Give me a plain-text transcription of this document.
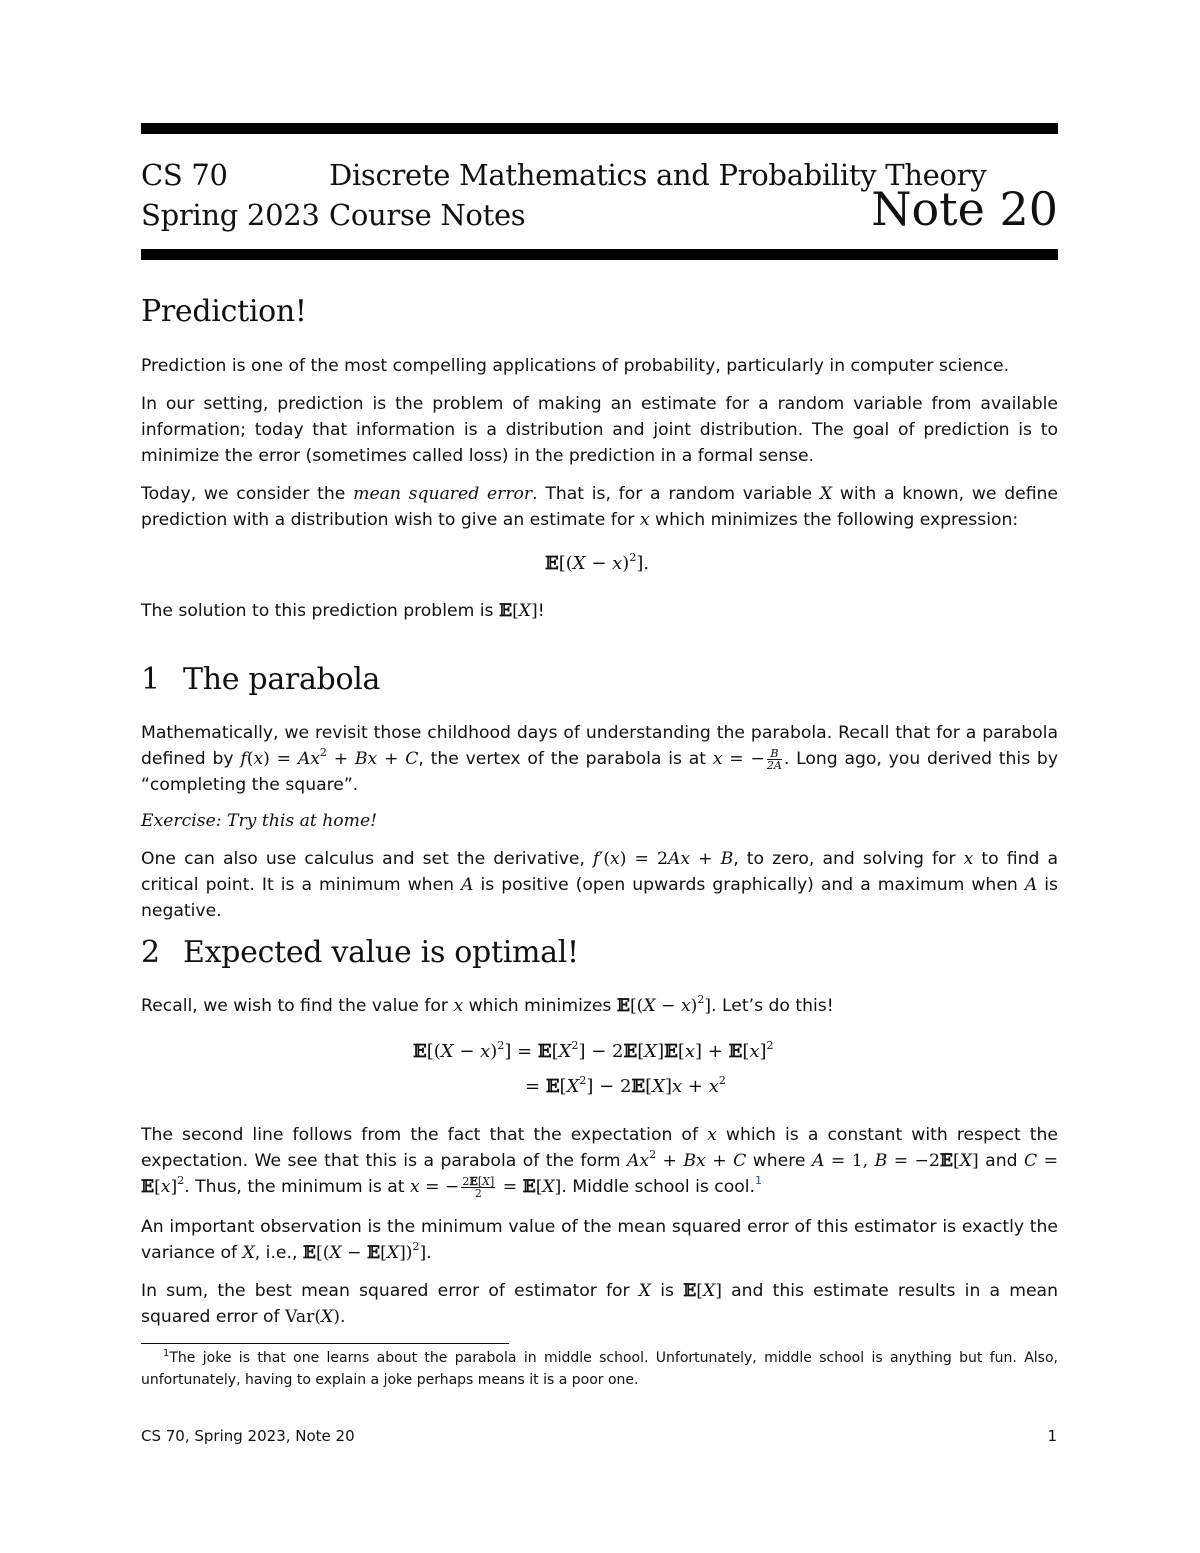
CS 70	Discrete Mathematics and Probability Theory
Spring 2023 Course Notes	Note 20
Prediction!
Prediction is one of the most compelling applications of probability, particularly in computer science.
In our setting, prediction is the problem of making an estimate for a random variable from available information; today that information is a distribution and joint distribution. The goal of prediction is to minimize the error (sometimes called loss) in the prediction in a formal sense.
Today, we consider the mean squared error. That is, for a random variable X with a known, we define prediction with a distribution wish to give an estimate for x which minimizes the following expression:
𝔼[(X − x)$^2$].
The solution to this prediction problem is 𝔼[X]!
1 The parabola
Mathematically, we revisit those childhood days of understanding the parabola. Recall that for a parabola defined by $f(x) = Ax^2 + Bx + C$, the vertex of the parabola is at x = − $\frac{B}{2A}$ . Long ago, you derived this by “completing the square”.
Exercise: Try this at home!
One can also use calculus and set the derivative, f′(x) = 2Ax + B, to zero, and solving for x to find a critical point. It is a minimum when A is positive (open upwards graphically) and a maximum when A is negative.
2 Expected value is optimal!
Recall, we wish to find the value for x which minimizes 𝔼[(X − x)$^2$]. Let’s do this!
𝔼[(X − $x)^2] = 𝔼[X^2]$ − 2𝔼[X]𝔼[x] + $𝔼[x]^2$
= $𝔼[X^2]$ − 2𝔼[X]x + $x^2$
The second line follows from the fact that the expectation of x which is a constant with respect the expectation. We see that this is a parabola of the form $Ax^2 + Bx + C$ where A = 1, B = −2𝔼[X] and $C = 𝔼[x]^2$. Thus, the minimum is at x = − $\frac{\text{2𝔼[X]}}{2}$ = 𝔼[X]. Middle school is cool.$^1$
An important observation is the minimum value of the mean squared error of this estimator is exactly the variance of X, i.e., 𝔼[(X − 𝔼[X])$^2$].
In sum, the best mean squared error of estimator for X is 𝔼[X] and this estimate results in a mean squared error of Var(X).
$^1$The joke is that one learns about the parabola in middle school. Unfortunately, middle school is anything but fun. Also, unfortunately, having to explain a joke perhaps means it is a poor one.
CS 70, Spring 2023, Note 20	1
